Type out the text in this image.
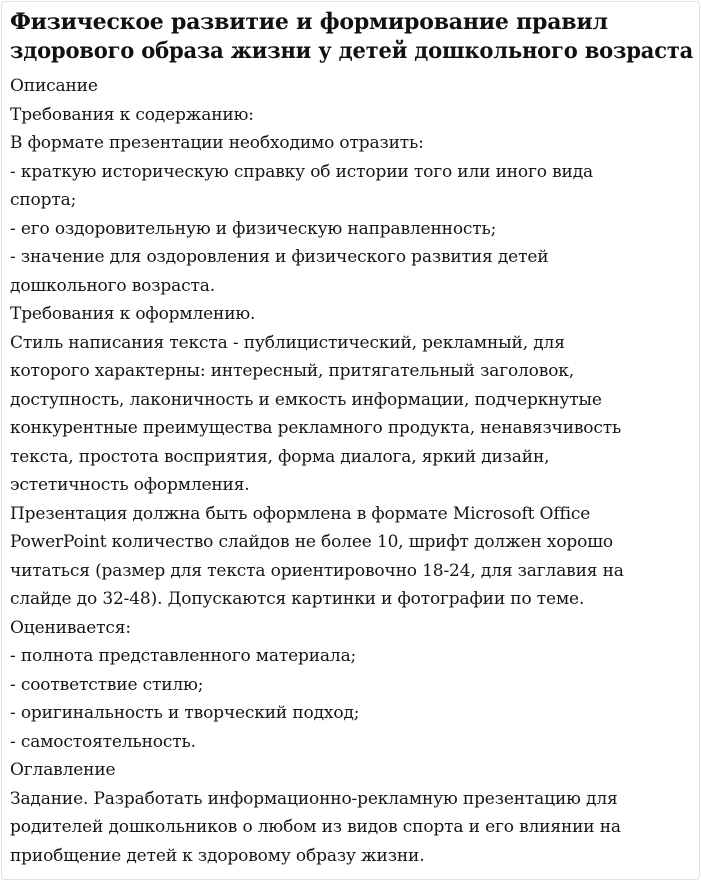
Физическое развитие и формирование правил
здорового образа жизни у детей дошкольного возраста
Описание
Требования к содержанию:
В формате презентации необходимо отразить:
- краткую историческую справку об истории того или иного вида
спорта;
- его оздоровительную и физическую направленность;
- значение для оздоровления и физического развития детей
дошкольного возраста.
Требования к оформлению.
Стиль написания текста - публицистический, рекламный, для
которого характерны: интересный, притягательный заголовок,
доступность, лаконичность и емкость информации, подчеркнутые
конкурентные преимущества рекламного продукта, ненавязчивость
текста, простота восприятия, форма диалога, яркий дизайн,
эстетичность оформления.
Презентация должна быть оформлена в формате Microsoft Office
PowerPoint количество слайдов не более 10, шрифт должен хорошо
читаться (размер для текста ориентировочно 18-24, для заглавия на
слайде до 32-48). Допускаются картинки и фотографии по теме.
Оценивается:
- полнота представленного материала;
- соответствие стилю;
- оригинальность и творческий подход;
- самостоятельность.
Оглавление
Задание. Разработать информационно-рекламную презентацию для
родителей дошкольников о любом из видов спорта и его влиянии на
приобщение детей к здоровому образу жизни.
